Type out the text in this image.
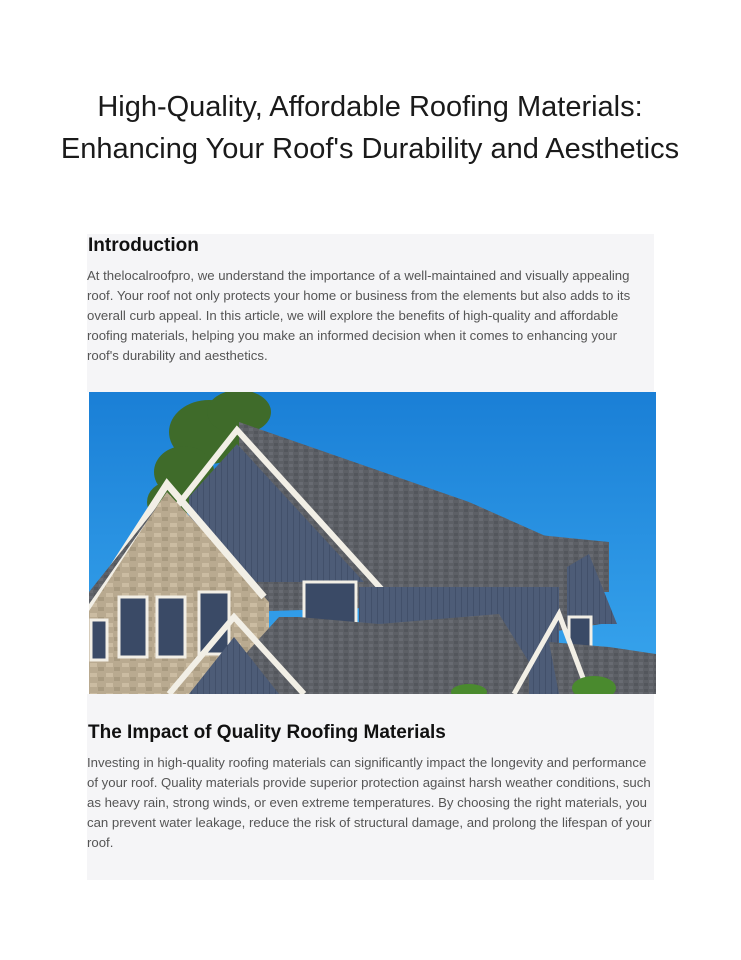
High-Quality, Affordable Roofing Materials: Enhancing Your Roof's Durability and Aesthetics
Introduction

At thelocalroofpro, we understand the importance of a well-maintained and visually appealing roof. Your roof not only protects your home or business from the elements but also adds to its overall curb appeal. In this article, we will explore the benefits of high-quality and affordable roofing materials, helping you make an informed decision when it comes to enhancing your roof's durability and aesthetics.

The Impact of Quality Roofing Materials

Investing in high-quality roofing materials can significantly impact the longevity and performance of your roof. Quality materials provide superior protection against harsh weather conditions, such as heavy rain, strong winds, or even extreme temperatures. By choosing the right materials, you can prevent water leakage, reduce the risk of structural damage, and prolong the lifespan of your roof.
